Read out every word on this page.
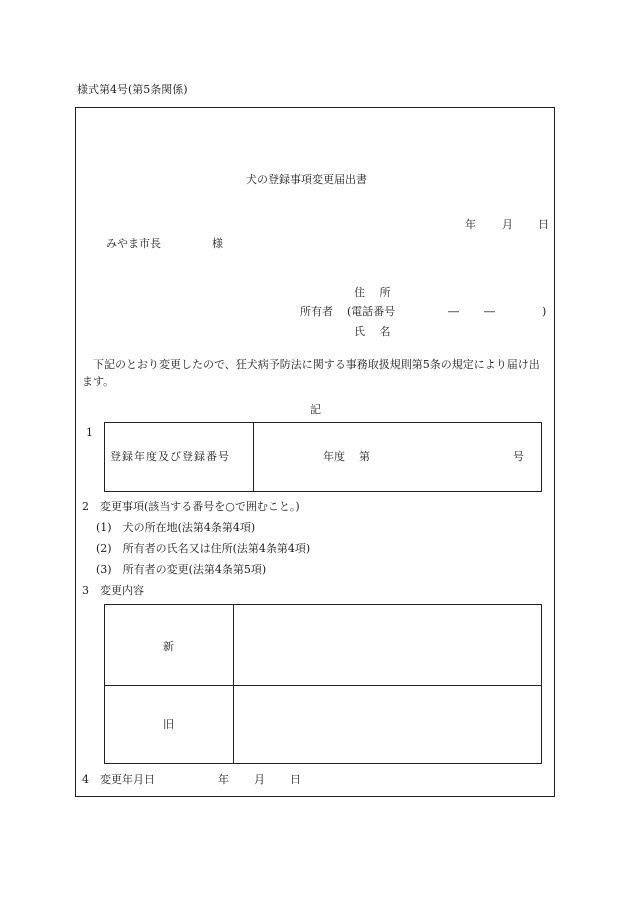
様式第4号(第5条関係)
犬の登録事項変更届出書
年 月 日
みやま市長	様
住　 所
所有者 (電話番号	― ―	)
氏　 名
下記のとおり変更したので、狂犬病予防法に関する事務取扱規則第5条の規定により届け出ます。
記
1
登録年度及び登録番号	年度 第	号
2　変更事項(該当する番号を○で囲むこと。)
(1)　犬の所在地(法第4条第4項)
(2)　所有者の氏名又は住所(法第4条第4項)
(3)　所有者の変更(法第4条第5項)
3　変更内容
新
旧
4　変更年月日	年 月 日
